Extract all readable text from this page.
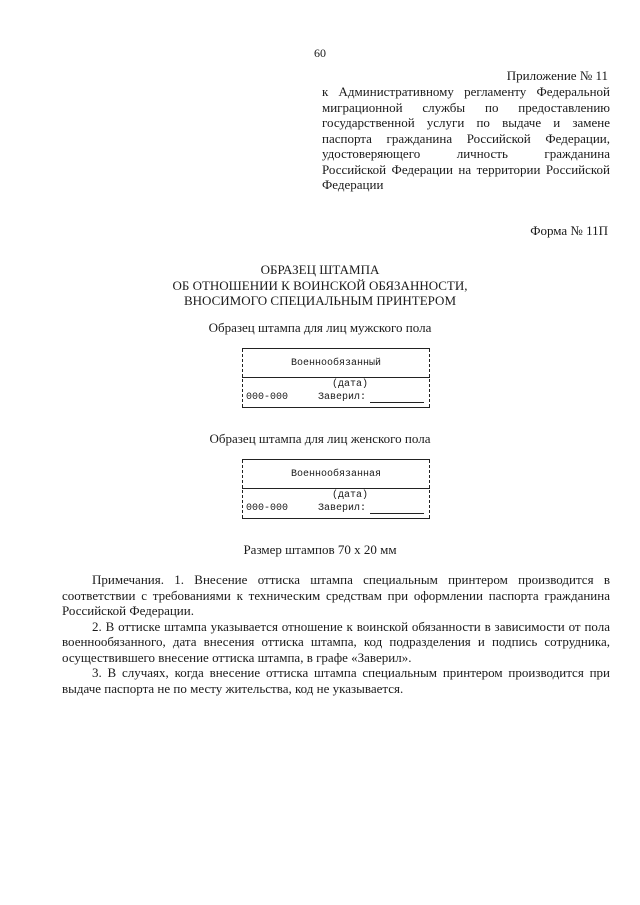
60
Приложение № 11
к Административному регламенту Федеральной миграционной службы по предоставлению государственной услуги по выдаче и замене паспорта гражданина Российской Федерации, удостоверяющего личность гражданина Российской Федерации на территории Российской Федерации
Форма № 11П
ОБРАЗЕЦ ШТАМПА
ОБ ОТНОШЕНИИ К ВОИНСКОЙ ОБЯЗАННОСТИ,
ВНОСИМОГО СПЕЦИАЛЬНЫМ ПРИНТЕРОМ
Образец штампа для лиц мужского пола
Военнообязанный
(дата)
000-000	Заверил:
Образец штампа для лиц женского пола
Военнообязанная
(дата)
000-000	Заверил:
Размер штампов 70 х 20 мм

Примечания. 1. Внесение оттиска штампа специальным принтером производится в соответствии с требованиями к техническим средствам при оформлении паспорта гражданина Российской Федерации.

2. В оттиске штампа указывается отношение к воинской обязанности в зависимости от пола военнообязанного, дата внесения оттиска штампа, код подразделения и подпись сотрудника, осуществившего внесение оттиска штампа, в графе «Заверил».

3. В случаях, когда внесение оттиска штампа специальным принтером производится при выдаче паспорта не по месту жительства, код не указывается.
